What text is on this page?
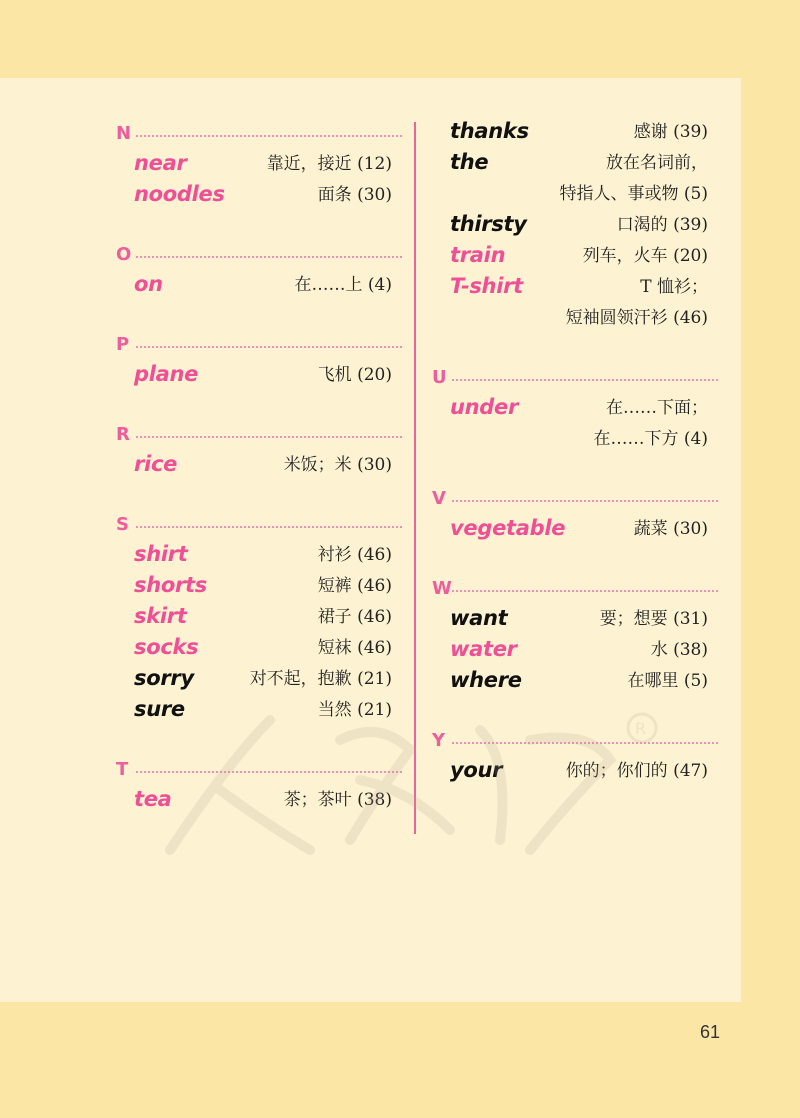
N
near	靠近，接近 (12)
noodles	面条 (30)
O
on	在……上 (4)
P
plane	飞机 (20)
R
rice	米饭；米 (30)
S
shirt	衬衫 (46)
shorts	短裤 (46)
skirt	裙子 (46)
socks	短袜 (46)
sorry	对不起，抱歉 (21)
sure	当然 (21)
T
tea	茶；茶叶 (38)
thanks	感谢 (39)
the	放在名词前，
特指人、事或物 (5)
thirsty	口渴的 (39)
train	列车，火车 (20)
T-shirt	T 恤衫；
短袖圆领汗衫 (46)
U
under	在……下面；
在……下方 (4)
V
vegetable	蔬菜 (30)
W
want	要；想要 (31)
water	水 (38)
where	在哪里 (5)
Y
your	你的；你们的 (47)
61
